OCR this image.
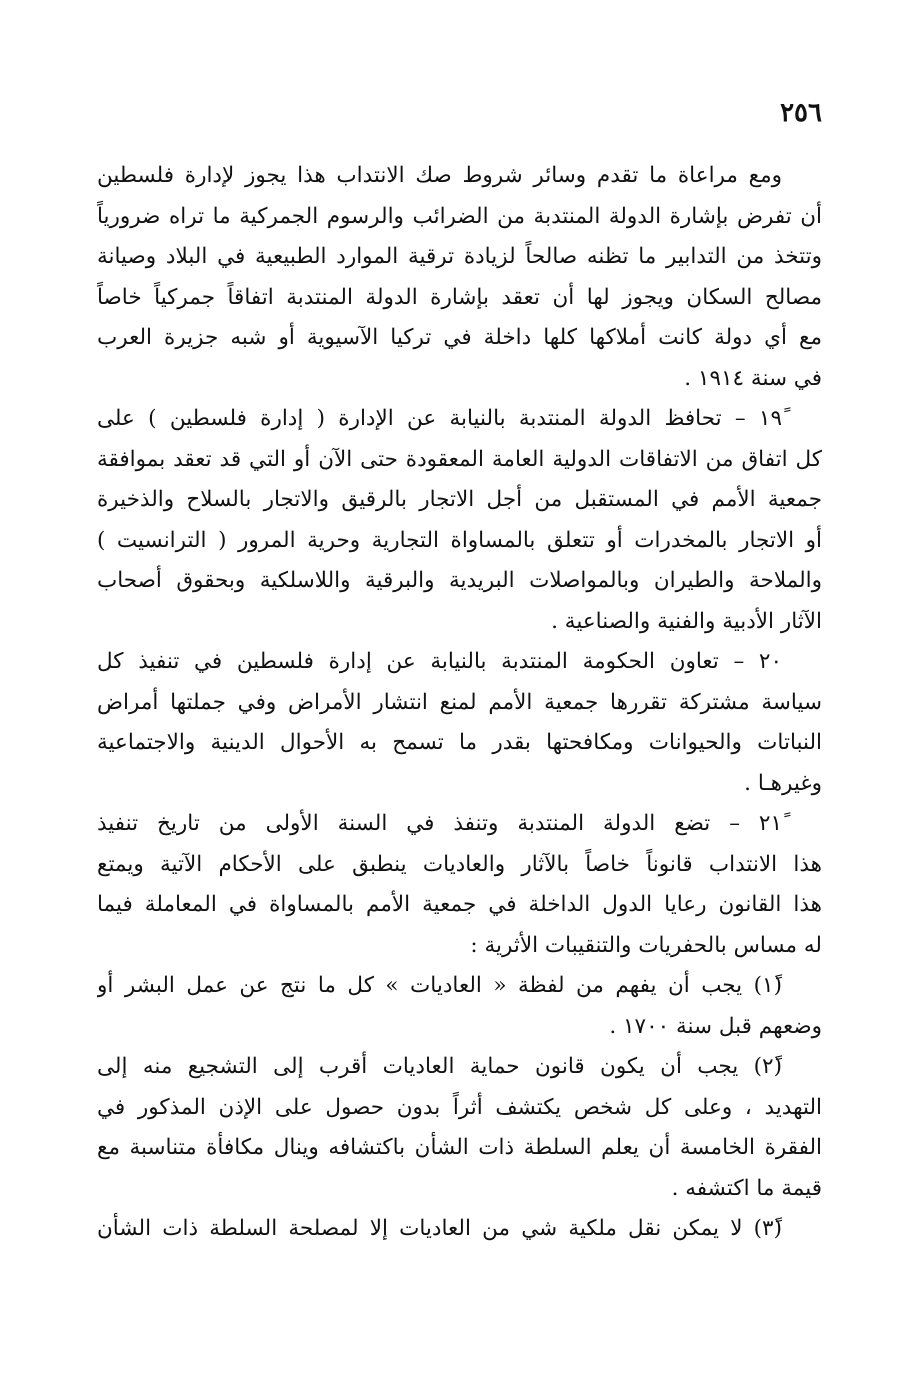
٢٥٦
ومع مراعاة ما تقدم وسائر شروط صك الانتداب هذا يجوز لإدارة فلسطين
أن تفرض بإشارة الدولة المنتدبة من الضرائب والرسوم الجمركية ما تراه ضرورياً
وتتخذ من التدابير ما تظنه صالحاً لزيادة ترقية الموارد الطبيعية في البلاد وصيانة
مصالح السكان ويجوز لها أن تعقد بإشارة الدولة المنتدبة اتفاقاً جمركياً خاصاً
مع أي دولة كانت أملاكها كلها داخلة في تركيا الآسيوية أو شبه جزيرة العرب
في سنة ١٩١٤ .
١٩ً – تحافظ الدولة المنتدبة بالنيابة عن الإدارة ( إدارة فلسطين ) على
كل اتفاق من الاتفاقات الدولية العامة المعقودة حتى الآن أو التي قد تعقد بموافقة
جمعية الأمم في المستقبل من أجل الاتجار بالرقيق والاتجار بالسلاح والذخيرة
أو الاتجار بالمخدرات أو تتعلق بالمساواة التجارية وحرية المرور ( الترانسيت )
والملاحة والطيران وبالمواصلات البريدية والبرقية واللاسلكية وبحقوق أصحاب
الآثار الأدبية والفنية والصناعية .
٢٠ – تعاون الحكومة المنتدبة بالنيابة عن إدارة فلسطين في تنفيذ كل
سياسة مشتركة تقررها جمعية الأمم لمنع انتشار الأمراض وفي جملتها أمراض
النباتات والحيوانات ومكافحتها بقدر ما تسمح به الأحوال الدينية والاجتماعية
وغيرهـا .
٢١ً – تضع الدولة المنتدبة وتنفذ في السنة الأولى من تاريخ تنفيذ
هذا الانتداب قانوناً خاصاً بالآثار والعاديات ينطبق على الأحكام الآتية ويمتع
هذا القانون رعايا الدول الداخلة في جمعية الأمم بالمساواة في المعاملة فيما
له مساس بالحفريات والتنقيبات الأثرية :
(١ً) يجب أن يفهم من لفظة « العاديات » كل ما نتج عن عمل البشر أو
وضعهم قبل سنة ١٧٠٠ .
(٢ً) يجب أن يكون قانون حماية العاديات أقرب إلى التشجيع منه إلى
التهديد ، وعلى كل شخص يكتشف أثراً بدون حصول على الإذن المذكور في
الفقرة الخامسة أن يعلم السلطة ذات الشأن باكتشافه وينال مكافأة متناسبة مع
قيمة ما اكتشفه .
(٣ً) لا يمكن نقل ملكية شي من العاديات إلا لمصلحة السلطة ذات الشأن
